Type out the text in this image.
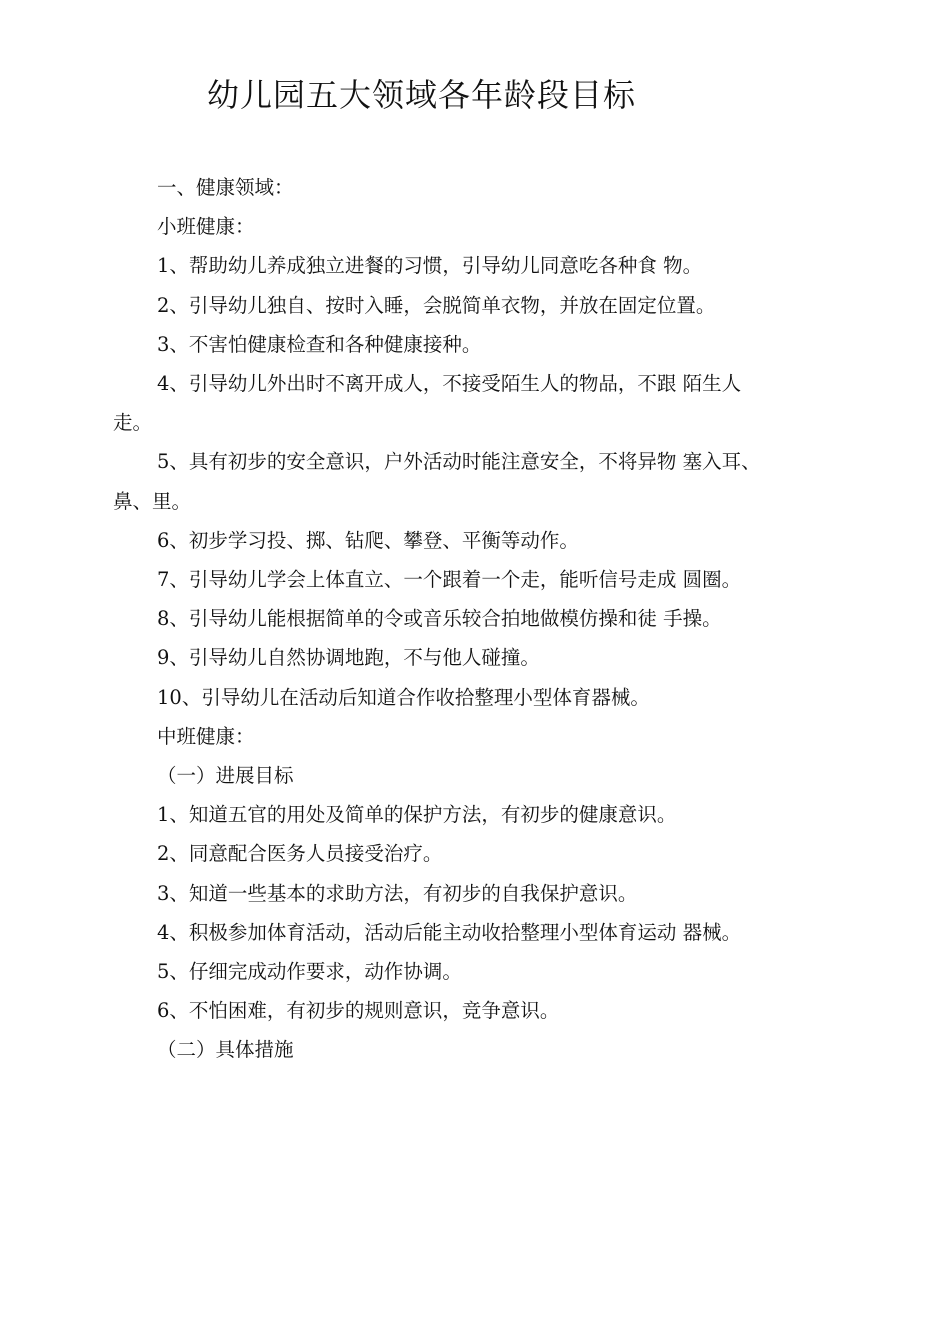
幼儿园五大领域各年龄段目标

一、健康领域：

小班健康：

1、帮助幼儿养成独立进餐的习惯，引导幼儿同意吃各种食 物。

2、引导幼儿独自、按时入睡，会脱简单衣物，并放在固定位置。

3、不害怕健康检查和各种健康接种。

4、引导幼儿外出时不离开成人，不接受陌生人的物品，不跟 陌生人走。

5、具有初步的安全意识，户外活动时能注意安全，不将异物 塞入耳、鼻、里。

6、初步学习投、掷、钻爬、攀登、平衡等动作。

7、引导幼儿学会上体直立、一个跟着一个走，能听信号走成 圆圈。

8、引导幼儿能根据简单的令或音乐较合拍地做模仿操和徒 手操。

9、引导幼儿自然协调地跑，不与他人碰撞。

10、引导幼儿在活动后知道合作收拾整理小型体育器械。

中班健康：

（一）进展目标

1、知道五官的用处及简单的保护方法，有初步的健康意识。

2、同意配合医务人员接受治疗。

3、知道一些基本的求助方法，有初步的自我保护意识。

4、积极参加体育活动，活动后能主动收拾整理小型体育运动 器械。

5、仔细完成动作要求，动作协调。

6、不怕困难，有初步的规则意识，竞争意识。

（二）具体措施
